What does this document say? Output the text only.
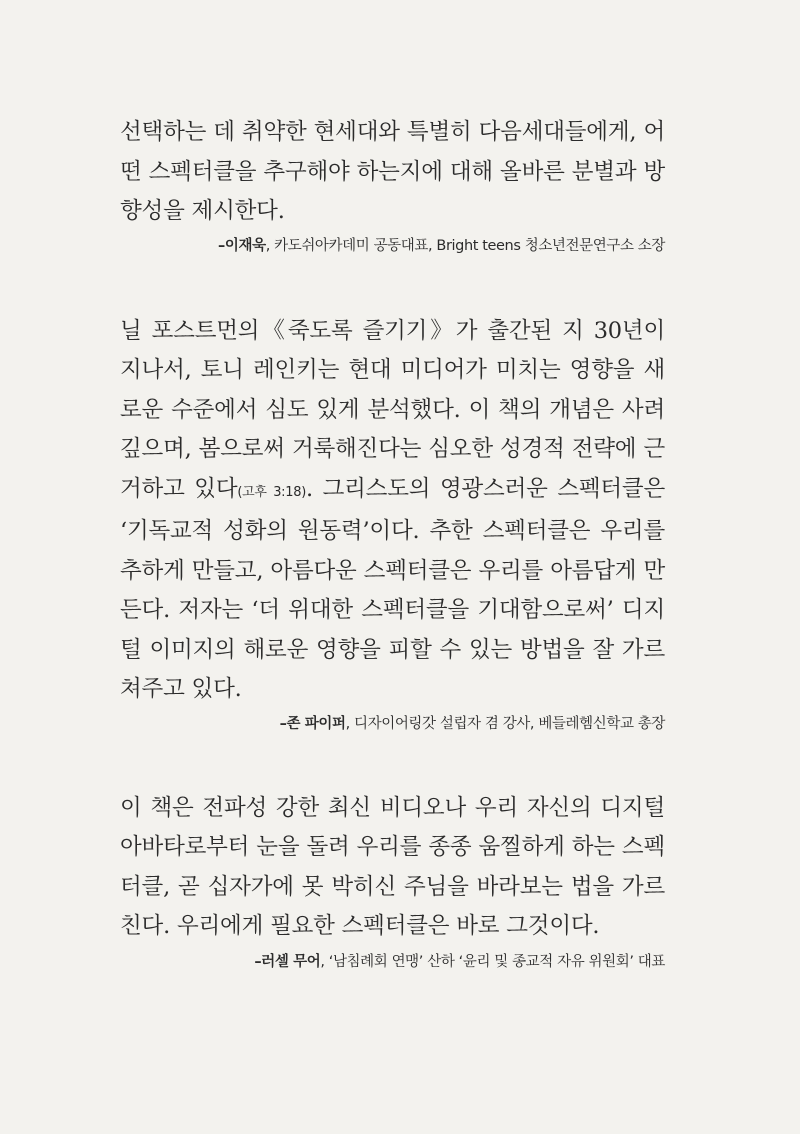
선택하는 데 취약한 현세대와 특별히 다음세대들에게, 어떤 스펙터클을 추구해야 하는지에 대해 올바른 분별과 방향성을 제시한다.

–이재욱, 카도쉬아카데미 공동대표, Bright teens 청소년전문연구소 소장

닐 포스트먼의《죽도록 즐기기》가 출간된 지 30년이 지나서, 토니 레인키는 현대 미디어가 미치는 영향을 새로운 수준에서 심도 있게 분석했다. 이 책의 개념은 사려 깊으며, 봄으로써 거룩해진다는 심오한 성경적 전략에 근거하고 있다(고후 3:18). 그리스도의 영광스러운 스펙터클은 ‘기독교적 성화의 원동력’이다. 추한 스펙터클은 우리를 추하게 만들고, 아름다운 스펙터클은 우리를 아름답게 만든다. 저자는 ‘더 위대한 스펙터클을 기대함으로써’ 디지털 이미지의 해로운 영향을 피할 수 있는 방법을 잘 가르쳐주고 있다.

–존 파이퍼, 디자이어링갓 설립자 겸 강사, 베들레헴신학교 총장

이 책은 전파성 강한 최신 비디오나 우리 자신의 디지털 아바타로부터 눈을 돌려 우리를 종종 움찔하게 하는 스펙터클, 곧 십자가에 못 박히신 주님을 바라보는 법을 가르친다. 우리에게 필요한 스펙터클은 바로 그것이다.

–러셀 무어, ‘남침례회 연맹’ 산하 ‘윤리 및 종교적 자유 위원회’ 대표
